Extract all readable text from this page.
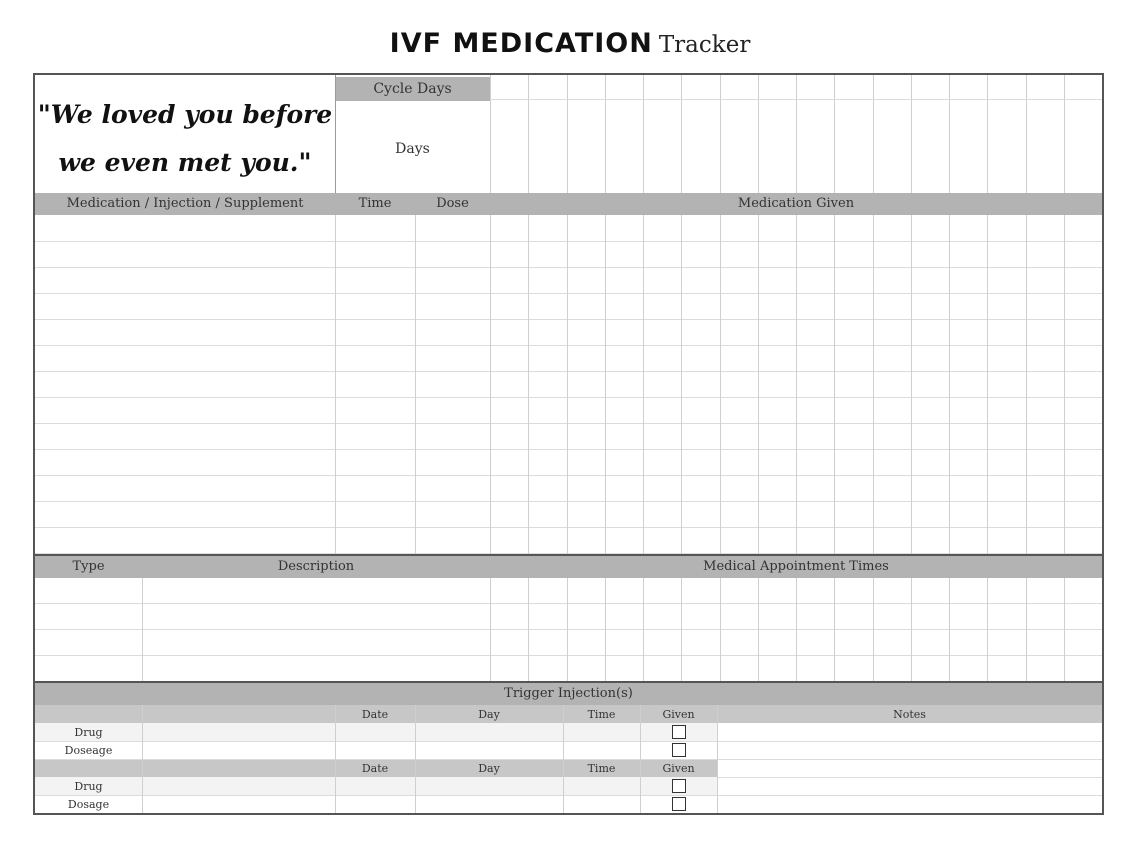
IVF MEDICATION Tracker
"We loved you before we even met you."
Cycle Days
Days
Medication / Injection / Supplement	Time	Dose	Medication Given
Type	Description	Medical Appointment Times
Trigger Injection(s)
Date	Day	Time	Given	Notes
Drug
Doseage
Date	Day	Time	Given
Drug
Dosage
